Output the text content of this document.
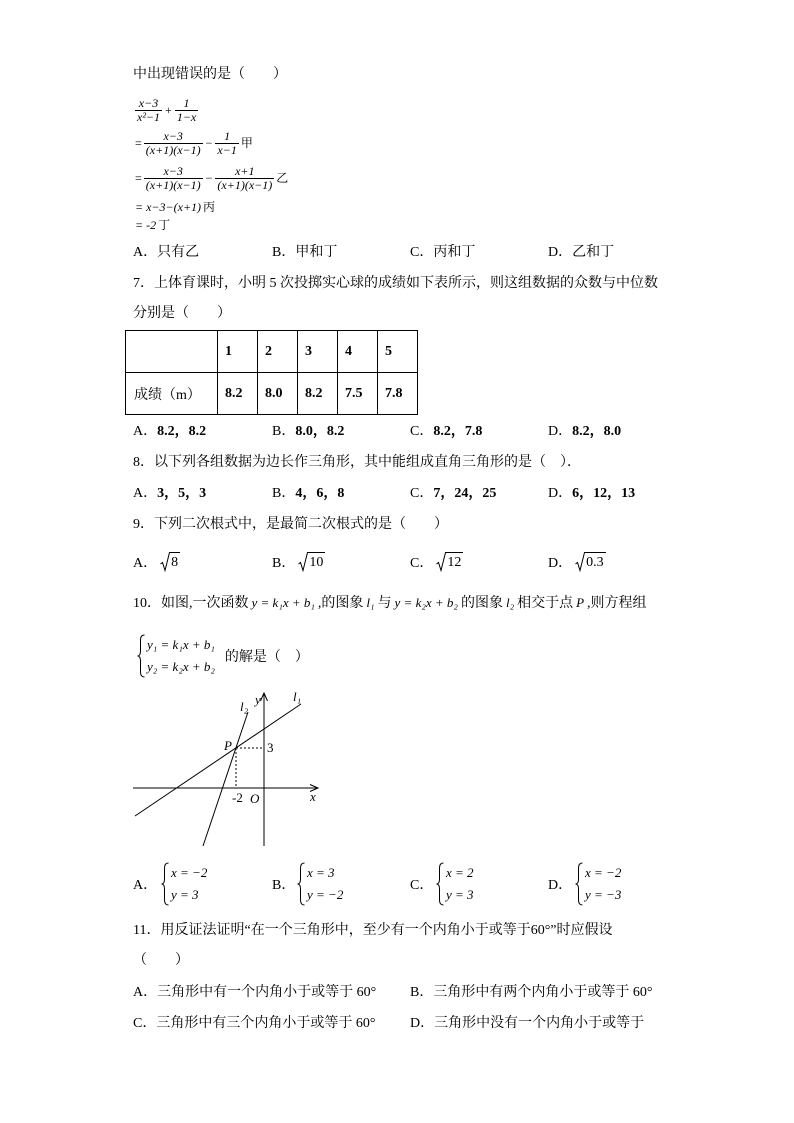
中出现错误的是（　　）
$\frac{x-3}{\text{x²−1}} + \frac{1}{1-x}$
= $\frac{x-3}{(x+1)(x-1)} - \frac{1}{x-1}$ 甲
= $\frac{x-3}{(x+1)(x-1)} - \frac{x+1}{(x+1)(x-1)}$ 乙
= x−3−(x+1) 丙
= -2 丁
A．只有乙	B．甲和丁	C．丙和丁	D．乙和丁
7．上体育课时，小明 5 次投掷实心球的成绩如下表所示，则这组数据的众数与中位数
分别是（　　）
	1	2	3	4	5
成绩（m）	8.2	8.0	8.2	7.5	7.8
A．8.2，8.2	B．8.0，8.2	C．8.2，7.8	D．8.2，8.0
8．以下列各组数据为边长作三角形，其中能组成直角三角形的是（　）．
A．3，5，3	B．4，6，8	C．7，24，25	D．6，12，13
9．下列二次根式中，是最简二次根式的是（　　）
A． 8	B． 10	C． 12	D． 0.3
10．如图,一次函数 y = k₁x + b₁ ,的图象 l₁ 与 y = k₂x + b₂ 的图象 l₂ 相交于点 P ,则方程组
y₁ = k₁x + b₁
y₂ = k₂x + b₂
的解是（　）
x
y
O
P	3
-2
l₂
l₁
A．
x = −2
y = 3
B．
x = 3
y = −2
C．
x = 2
y = 3
D．
x = −2
y = −3
11．用反证法证明“在一个三角形中，至少有一个内角小于或等于60°”时应假设
（　　）
A．三角形中有一个内角小于或等于 60° B．三角形中有两个内角小于或等于 60°
C．三角形中有三个内角小于或等于 60° D．三角形中没有一个内角小于或等于
